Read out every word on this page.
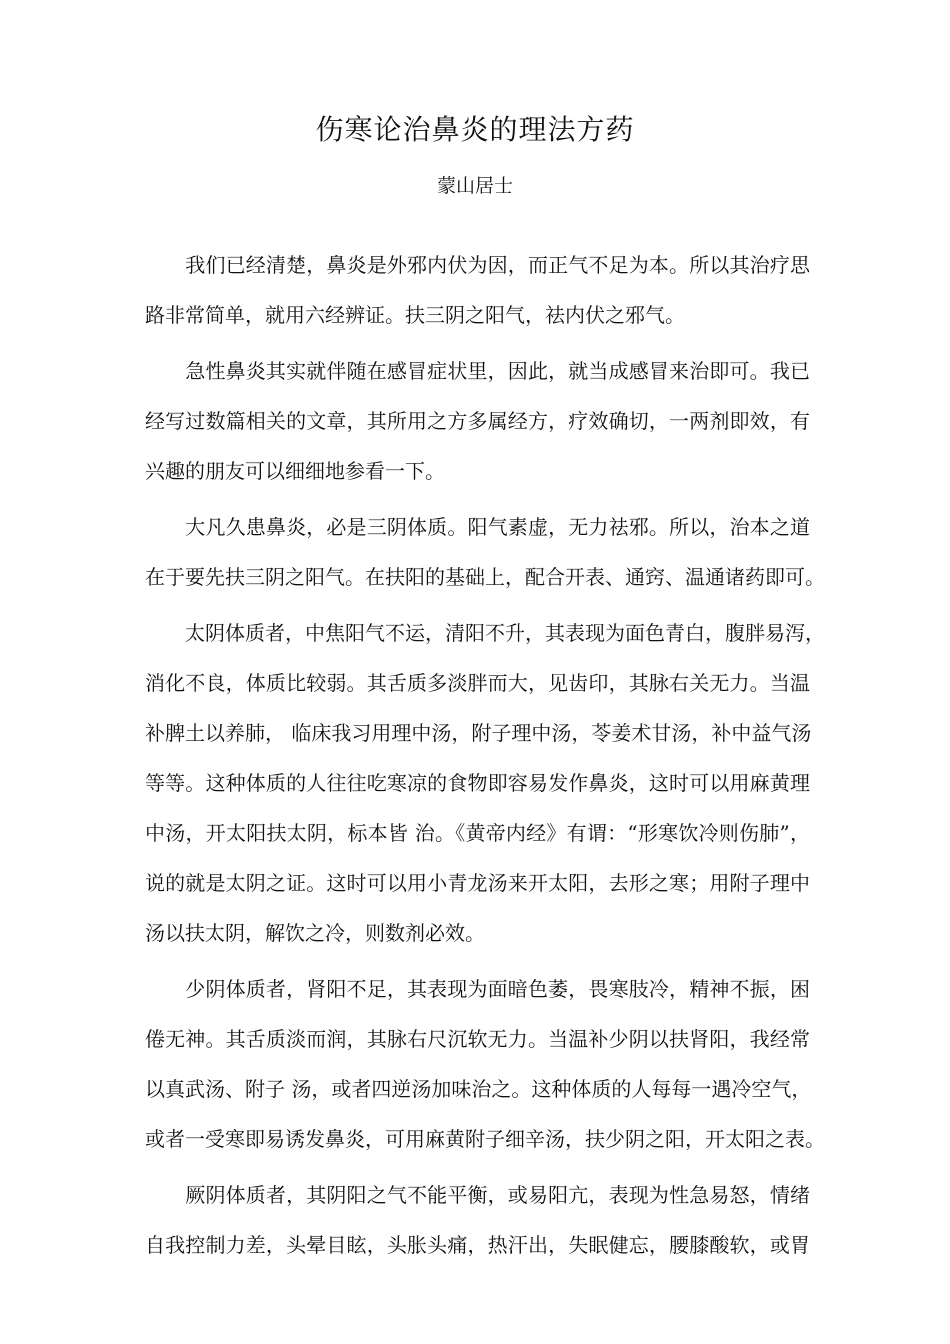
伤寒论治鼻炎的理法方药
蒙山居士
　　我们已经清楚，鼻炎是外邪内伏为因，而正气不足为本。所以其治疗思
路非常简单，就用六经辨证。扶三阴之阳气，祛内伏之邪气。
　　急性鼻炎其实就伴随在感冒症状里，因此，就当成感冒来治即可。我已
经写过数篇相关的文章，其所用之方多属经方，疗效确切，一两剂即效，有
兴趣的朋友可以细细地参看一下。
　　大凡久患鼻炎，必是三阴体质。阳气素虚，无力祛邪。所以，治本之道
在于要先扶三阴之阳气。在扶阳的基础上，配合开表、通窍、温通诸药即可。
　　太阴体质者，中焦阳气不运，清阳不升，其表现为面色青白，腹胖易泻，
消化不良，体质比较弱。其舌质多淡胖而大，见齿印，其脉右关无力。当温
补脾土以养肺， 临床我习用理中汤，附子理中汤，苓姜术甘汤，补中益气汤
等等。这种体质的人往往吃寒凉的食物即容易发作鼻炎，这时可以用麻黄理
中汤，开太阳扶太阴，标本皆 治。《黄帝内经》有谓：“形寒饮冷则伤肺”，
说的就是太阴之证。这时可以用小青龙汤来开太阳，去形之寒；用附子理中
汤以扶太阴，解饮之冷，则数剂必效。
　　少阴体质者，肾阳不足，其表现为面暗色萎，畏寒肢冷，精神不振，困
倦无神。其舌质淡而润，其脉右尺沉软无力。当温补少阴以扶肾阳，我经常
以真武汤、附子 汤，或者四逆汤加味治之。这种体质的人每每一遇冷空气，
或者一受寒即易诱发鼻炎，可用麻黄附子细辛汤，扶少阴之阳，开太阳之表。
　　厥阴体质者，其阴阳之气不能平衡，或易阳亢，表现为性急易怒，情绪
自我控制力差，头晕目眩，头胀头痛，热汗出，失眠健忘，腰膝酸软，或胃
